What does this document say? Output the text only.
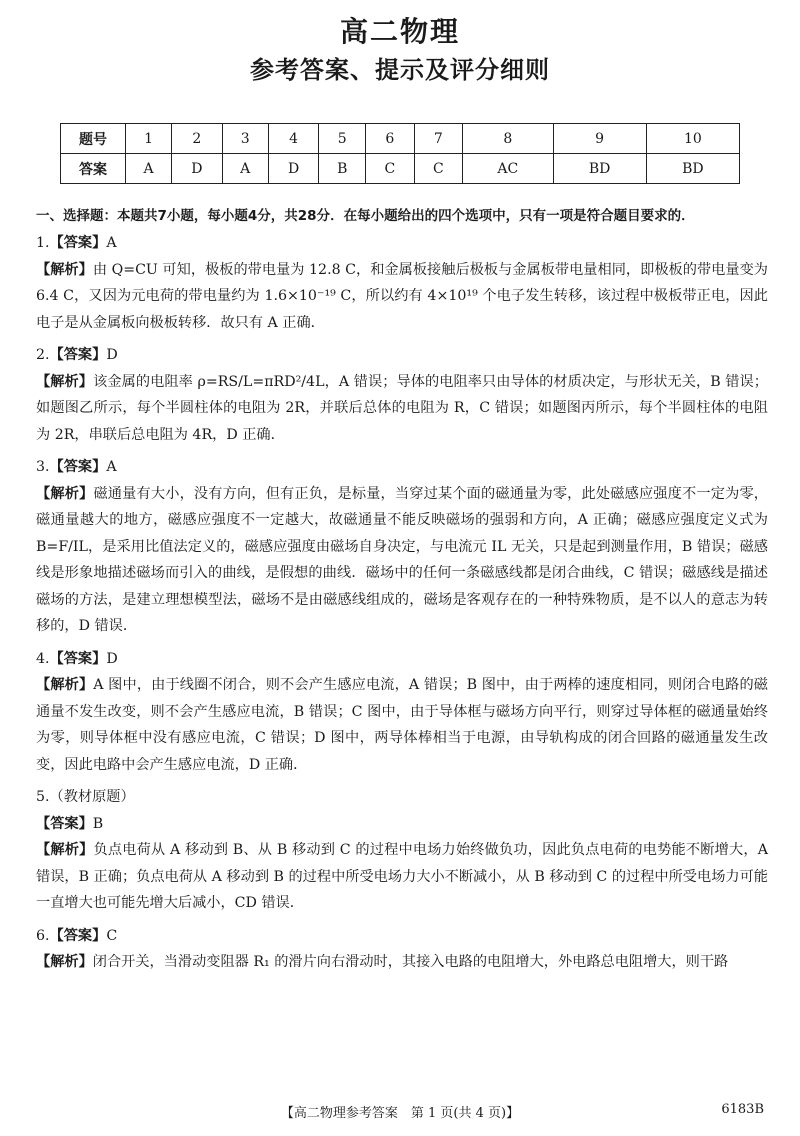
高二物理
参考答案、提示及评分细则
题号	1	2	3	4	5	6	7	8	9	10
答案	A	D	A	D	B	C	C	AC	BD	BD
一、选择题：本题共7小题，每小题4分，共28分．在每小题给出的四个选项中，只有一项是符合题目要求的．

1.【答案】A

【解析】由 Q=CU 可知，极板的带电量为 12.8 C，和金属板接触后极板与金属板带电量相同，即极板的带电量变为 6.4 C，又因为元电荷的带电量约为 1.6×10⁻¹⁹ C，所以约有 4×10¹⁹ 个电子发生转移，该过程中极板带正电，因此电子是从金属板向极板转移．故只有 A 正确．

2.【答案】D

【解析】该金属的电阻率 ρ=RS/L=πRD²/4L，A 错误；导体的电阻率只由导体的材质决定，与形状无关，B 错误；如题图乙所示，每个半圆柱体的电阻为 2R，并联后总体的电阻为 R，C 错误；如题图丙所示，每个半圆柱体的电阻为 2R，串联后总电阻为 4R，D 正确．

3.【答案】A

【解析】磁通量有大小，没有方向，但有正负，是标量，当穿过某个面的磁通量为零，此处磁感应强度不一定为零，磁通量越大的地方，磁感应强度不一定越大，故磁通量不能反映磁场的强弱和方向，A 正确；磁感应强度定义式为 B=F/IL，是采用比值法定义的，磁感应强度由磁场自身决定，与电流元 IL 无关，只是起到测量作用，B 错误；磁感线是形象地描述磁场而引入的曲线，是假想的曲线．磁场中的任何一条磁感线都是闭合曲线，C 错误；磁感线是描述磁场的方法，是建立理想模型法，磁场不是由磁感线组成的，磁场是客观存在的一种特殊物质，是不以人的意志为转移的，D 错误．

4.【答案】D

【解析】A 图中，由于线圈不闭合，则不会产生感应电流，A 错误；B 图中，由于两棒的速度相同，则闭合电路的磁通量不发生改变，则不会产生感应电流，B 错误；C 图中，由于导体框与磁场方向平行，则穿过导体框的磁通量始终为零，则导体框中没有感应电流，C 错误；D 图中，两导体棒相当于电源，由导轨构成的闭合回路的磁通量发生改变，因此电路中会产生感应电流，D 正确．

5.（教材原题）

【答案】B

【解析】负点电荷从 A 移动到 B、从 B 移动到 C 的过程中电场力始终做负功，因此负点电荷的电势能不断增大，A 错误，B 正确；负点电荷从 A 移动到 B 的过程中所受电场力大小不断减小，从 B 移动到 C 的过程中所受电场力可能一直增大也可能先增大后减小，CD 错误．

6.【答案】C

【解析】闭合开关，当滑动变阻器 R₁ 的滑片向右滑动时，其接入电路的电阻增大，外电路总电阻增大，则干路

【高二物理参考答案　第 1 页(共 4 页)】	6183B
